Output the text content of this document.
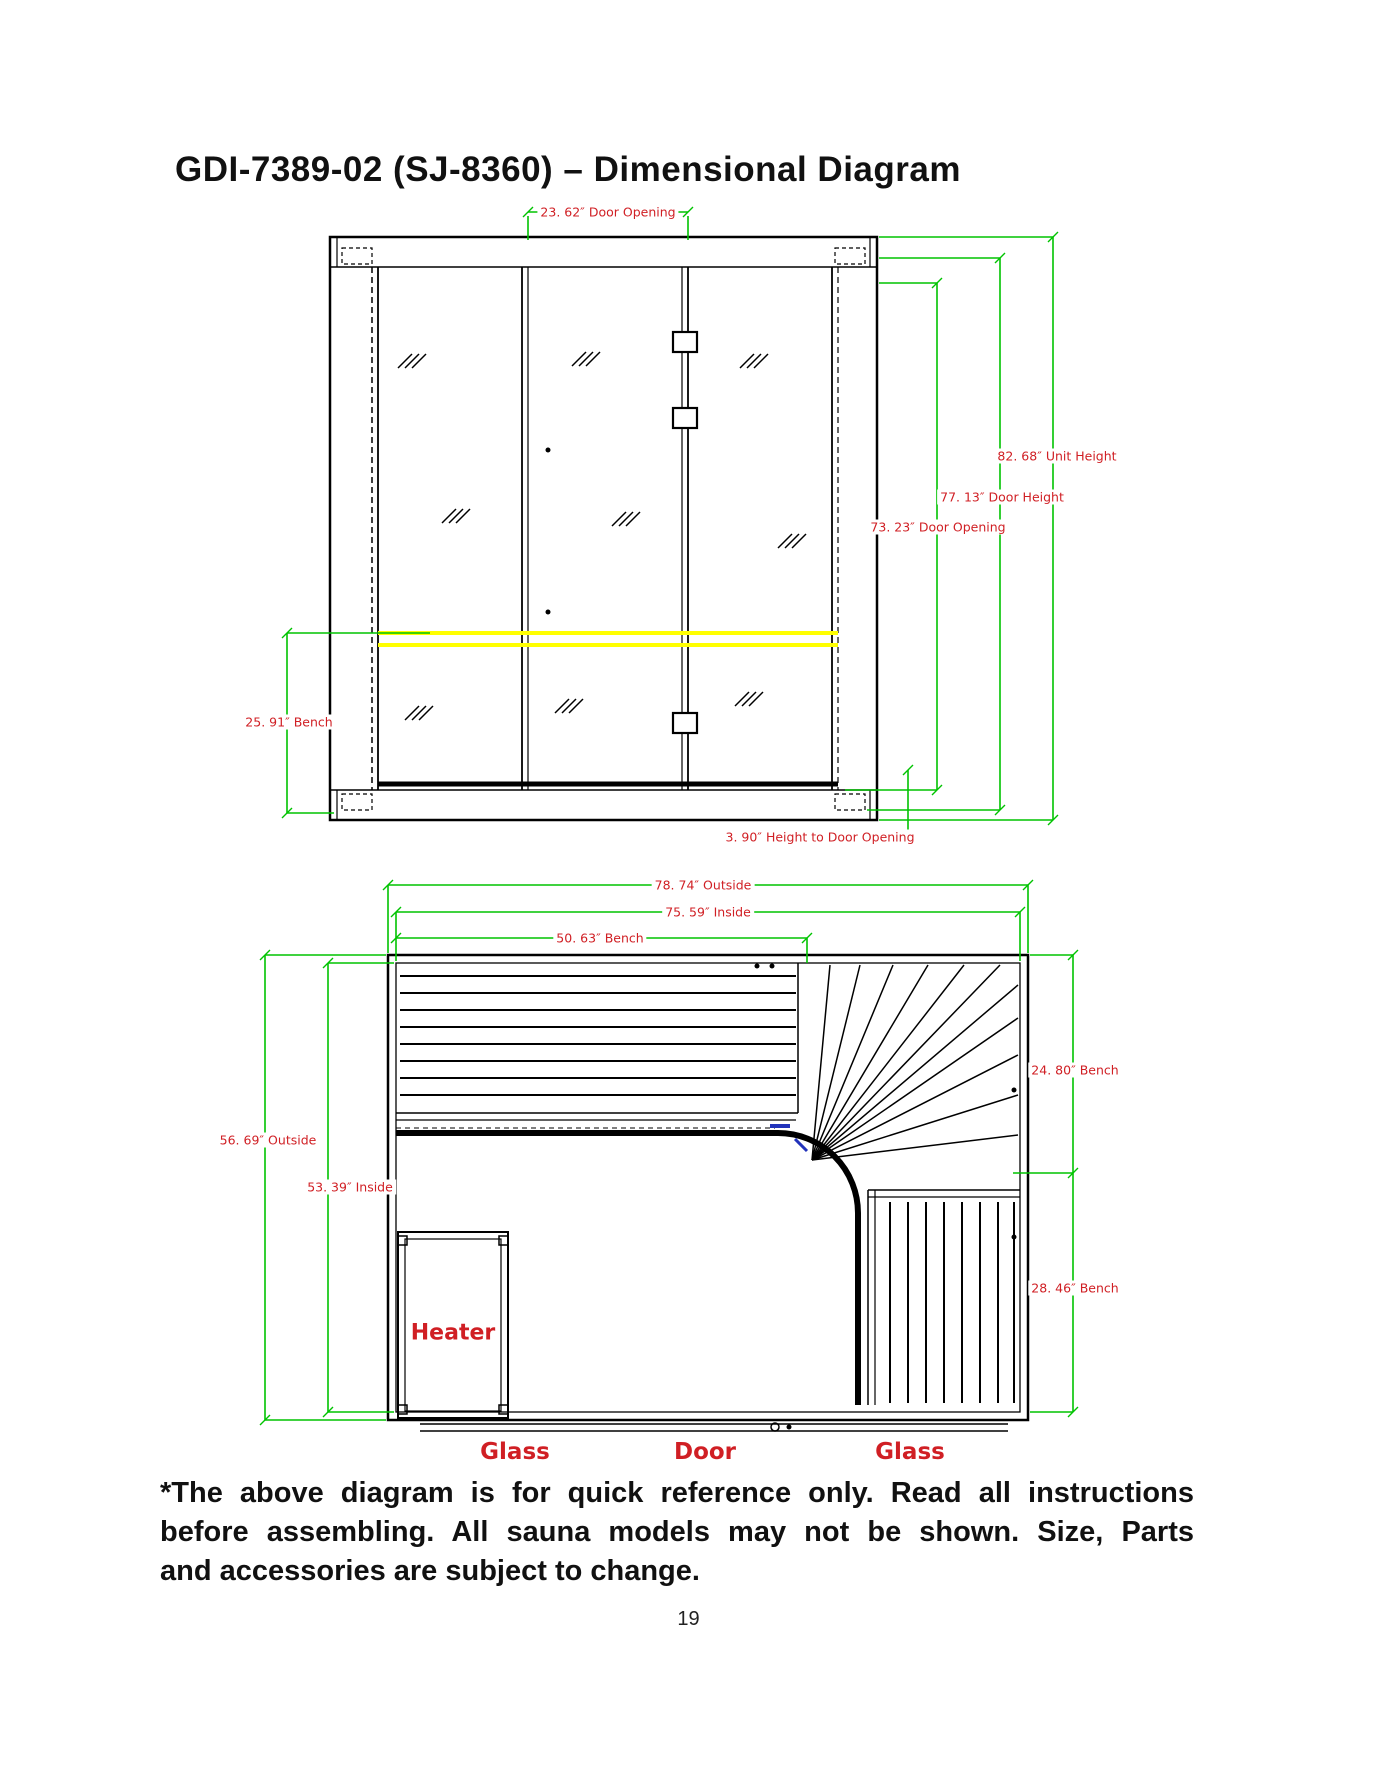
GDI-7389-02 (SJ-8360) – Dimensional Diagram
23. 62″ Door Opening
82. 68″ Unit Height
77. 13″ Door Height
73. 23″ Door Opening
25. 91″ Bench
3. 90″ Height to Door Opening
78. 74″ Outside
75. 59″ Inside
50. 63″ Bench
56. 69″ Outside
53. 39″ Inside
24. 80″ Bench
28. 46″ Bench
Heater
Glass	Door	Glass
*The above diagram is for quick reference only. Read all instructions
before assembling. All sauna models may not be shown. Size, Parts
and accessories are subject to change.
19
